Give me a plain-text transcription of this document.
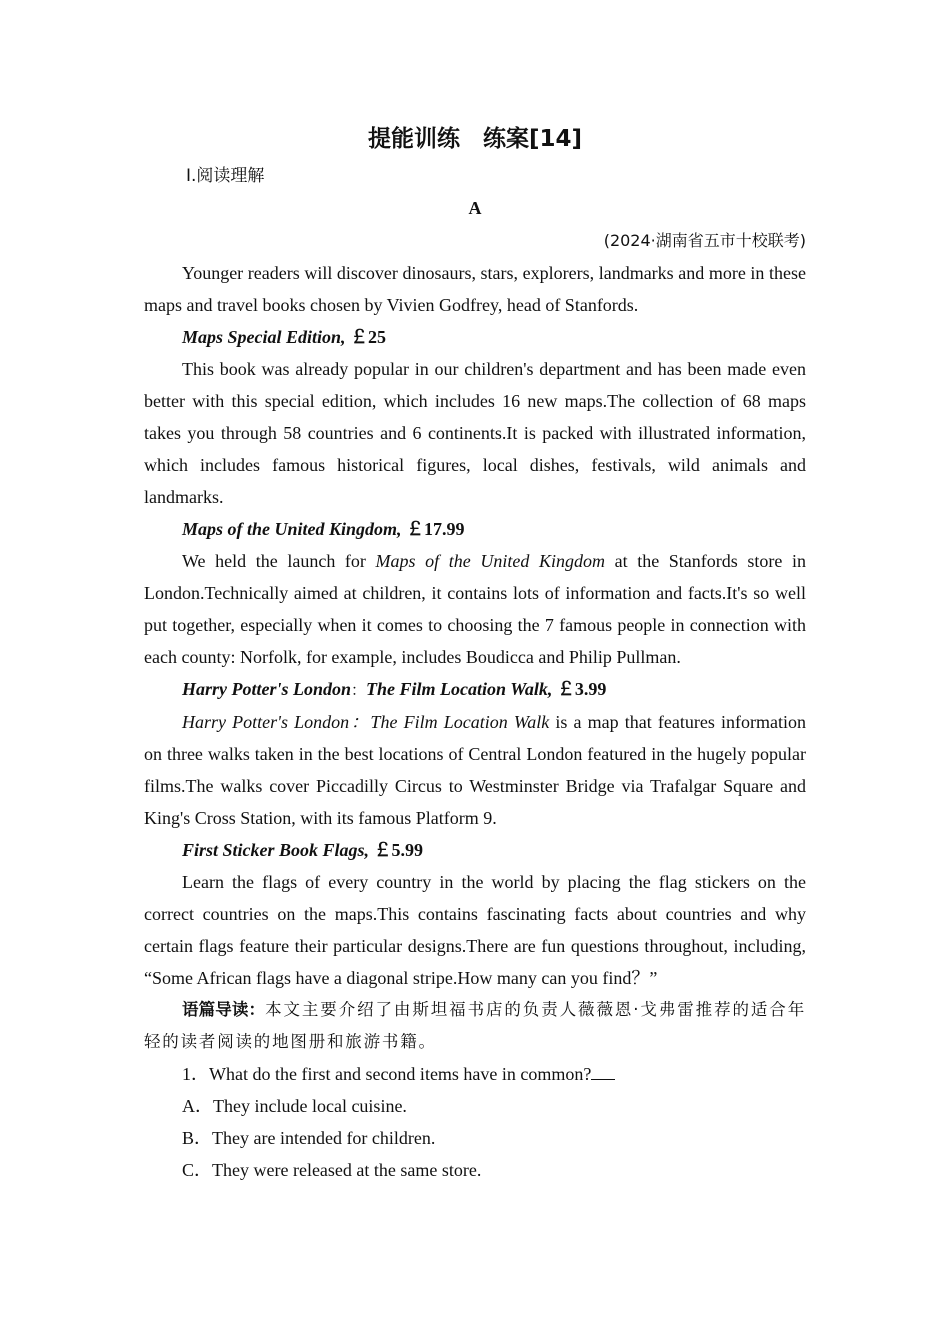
提能训练　练案[14]
Ⅰ.阅读理解
A
(2024·湖南省五市十校联考)

Younger readers will discover dinosaurs, stars, explorers, landmarks and more in these maps and travel books chosen by Vivien Godfrey, head of Stanfords.

Maps Special Edition, ￡25

This book was already popular in our children's department and has been made even better with this special edition, which includes 16 new maps.The collection of 68 maps takes you through 58 countries and 6 continents.It is packed with illustrated information, which includes famous historical figures, local dishes, festivals, wild animals and landmarks.

Maps of the United Kingdom, ￡17.99

We held the launch for Maps of the United Kingdom at the Stanfords store in London.Technically aimed at children, it contains lots of information and facts.It's so well put together, especially when it comes to choosing the 7 famous people in connection with each county: Norfolk, for example, includes Boudicca and Philip Pullman.

Harry Potter's London：The Film Location Walk, ￡3.99

Harry Potter's London：The Film Location Walk is a map that features information on three walks taken in the best locations of Central London featured in the hugely popular films.The walks cover Piccadilly Circus to Westminster Bridge via Trafalgar Square and King's Cross Station, with its famous Platform 9.

First Sticker Book Flags, ￡5.99

Learn the flags of every country in the world by placing the flag stickers on the correct countries on the maps.This contains fascinating facts about countries and why certain flags feature their particular designs.There are fun questions throughout, including, “Some African flags have a diagonal stripe.How many can you find？”

语篇导读：本文主要介绍了由斯坦福书店的负责人薇薇恩·戈弗雷推荐的适合年轻的读者阅读的地图册和旅游书籍。

1．What do the first and second items have in common?
A．They include local cuisine.
B．They are intended for children.
C．They were released at the same store.
